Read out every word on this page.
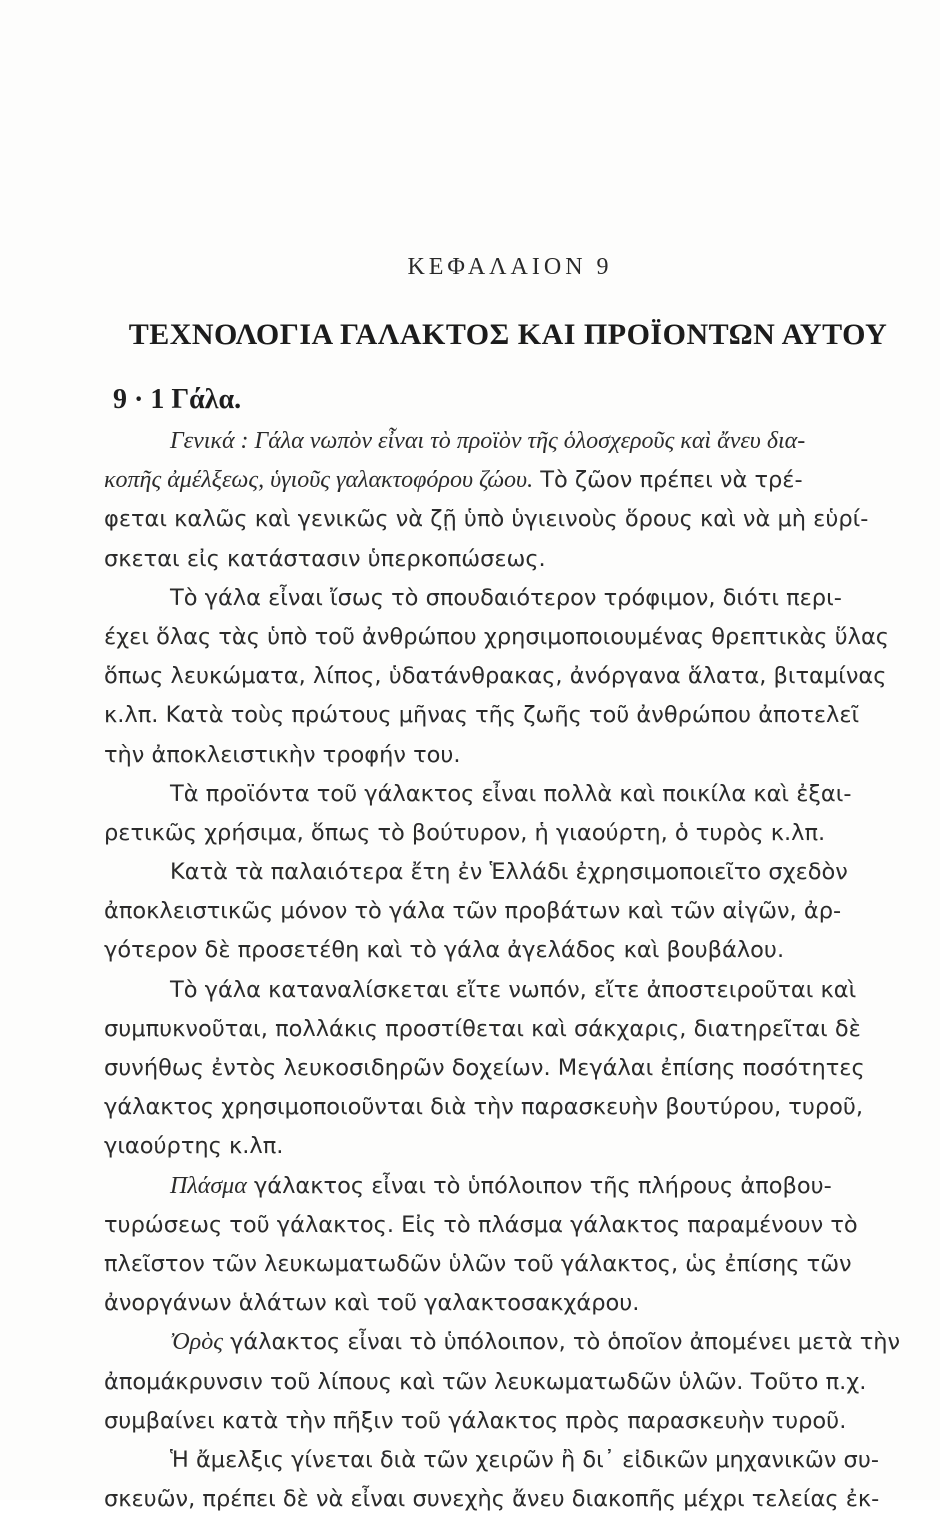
ΚΕΦΑΛΑΙΟΝ 9
ΤΕΧΝΟΛΟΓΙΑ ΓΑΛΑΚΤΟΣ ΚΑΙ ΠΡΟΪΟΝΤΩΝ ΑΥΤΟΥ
9 · 1 Γάλα.
Γενικά : Γάλα νωπὸν εἶναι τὸ προϊὸν τῆς ὁλοσχεροῦς καὶ ἄνευ δια-
κοπῆς ἀμέλξεως, ὑγιοῦς γαλακτοφόρου ζώου. Τὸ ζῶον πρέπει νὰ τρέ-
φεται καλῶς καὶ γενικῶς νὰ ζῇ ὑπὸ ὑγιεινοὺς ὅρους καὶ νὰ μὴ εὑρί-
σκεται εἰς κατάστασιν ὑπερκοπώσεως.
Τὸ γάλα εἶναι ἴσως τὸ σπουδαιότερον τρόφιμον, διότι περι-
έχει ὅλας τὰς ὑπὸ τοῦ ἀνθρώπου χρησιμοποιουμένας θρεπτικὰς ὕλας
ὅπως λευκώματα, λίπος, ὑδατάνθρακας, ἀνόργανα ἅλατα, βιταμίνας
κ.λπ. Κατὰ τοὺς πρώτους μῆνας τῆς ζωῆς τοῦ ἀνθρώπου ἀποτελεῖ
τὴν ἀποκλειστικὴν τροφήν του.
Τὰ προϊόντα τοῦ γάλακτος εἶναι πολλὰ καὶ ποικίλα καὶ ἐξαι-
ρετικῶς χρήσιμα, ὅπως τὸ βούτυρον, ἡ γιαούρτη, ὁ τυρὸς κ.λπ.
Κατὰ τὰ παλαιότερα ἔτη ἐν Ἑλλάδι ἐχρησιμοποιεῖτο σχεδὸν
ἀποκλειστικῶς μόνον τὸ γάλα τῶν προβάτων καὶ τῶν αἰγῶν, ἀρ-
γότερον δὲ προσετέθη καὶ τὸ γάλα ἀγελάδος καὶ βουβάλου.
Τὸ γάλα καταναλίσκεται εἴτε νωπόν, εἴτε ἀποστειροῦται καὶ
συμπυκνοῦται, πολλάκις προστίθεται καὶ σάκχαρις, διατηρεῖται δὲ
συνήθως ἐντὸς λευκοσιδηρῶν δοχείων. Μεγάλαι ἐπίσης ποσότητες
γάλακτος χρησιμοποιοῦνται διὰ τὴν παρασκευὴν βουτύρου, τυροῦ,
γιαούρτης κ.λπ.
Πλάσμα γάλακτος εἶναι τὸ ὑπόλοιπον τῆς πλήρους ἀποβου-
τυρώσεως τοῦ γάλακτος. Εἰς τὸ πλάσμα γάλακτος παραμένουν τὸ
πλεῖστον τῶν λευκωματωδῶν ὑλῶν τοῦ γάλακτος, ὡς ἐπίσης τῶν
ἀνοργάνων ἁλάτων καὶ τοῦ γαλακτοσακχάρου.
Ὀρὸς γάλακτος εἶναι τὸ ὑπόλοιπον, τὸ ὁποῖον ἀπομένει μετὰ τὴν
ἀπομάκρυνσιν τοῦ λίπους καὶ τῶν λευκωματωδῶν ὑλῶν. Τοῦτο π.χ.
συμβαίνει κατὰ τὴν πῆξιν τοῦ γάλακτος πρὸς παρασκευὴν τυροῦ.
Ἡ ἄμελξις γίνεται διὰ τῶν χειρῶν ἢ δι᾽ εἰδικῶν μηχανικῶν συ-
σκευῶν, πρέπει δὲ νὰ εἶναι συνεχὴς ἄνευ διακοπῆς μέχρι τελείας ἐκ-
